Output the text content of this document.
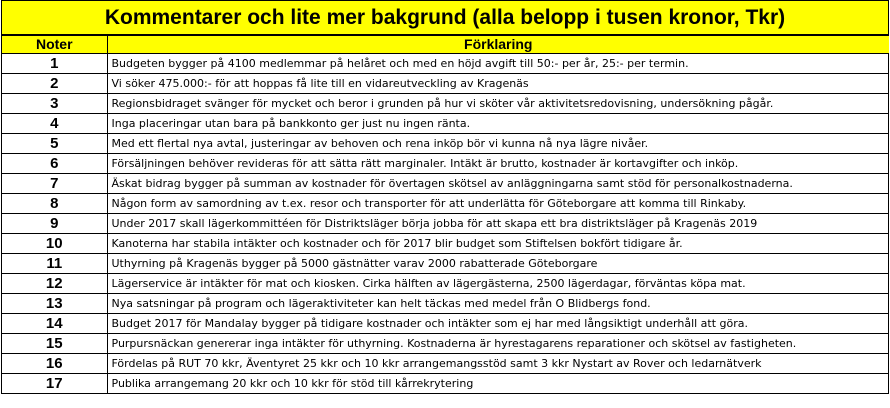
Kommentarer och lite mer bakgrund (alla belopp i tusen kronor, Tkr)
Noter	Förklaring
1	Budgeten bygger på 4100 medlemmar på helåret och med en höjd avgift till 50:- per år, 25:- per termin.
2	Vi söker 475.000:- för att hoppas få lite till en vidareutveckling av Kragenäs
3	Regionsbidraget svänger för mycket och beror i grunden på hur vi sköter vår aktivitetsredovisning, undersökning pågår.
4	Inga placeringar utan bara på bankkonto ger just nu ingen ränta.
5	Med ett flertal nya avtal, justeringar av behoven och rena inköp bör vi kunna nå nya lägre nivåer.
6	Försäljningen behöver revideras för att sätta rätt marginaler. Intäkt är brutto, kostnader är kortavgifter och inköp.
7	Äskat bidrag bygger på summan av kostnader för övertagen skötsel av anläggningarna samt stöd för personalkostnaderna.
8	Någon form av samordning av t.ex. resor och transporter för att underlätta för Göteborgare att komma till Rinkaby.
9	Under 2017 skall lägerkommittéen för Distriktsläger börja jobba för att skapa ett bra distriktsläger på Kragenäs 2019
10	Kanoterna har stabila intäkter och kostnader och för 2017 blir budget som Stiftelsen bokfört tidigare år.
11	Uthyrning på Kragenäs bygger på 5000 gästnätter varav 2000 rabatterade Göteborgare
12	Lägerservice är intäkter för mat och kiosken. Cirka hälften av lägergästerna, 2500 lägerdagar, förväntas köpa mat.
13	Nya satsningar på program och lägeraktiviteter kan helt täckas med medel från O Blidbergs fond.
14	Budget 2017 för Mandalay bygger på tidigare kostnader och intäkter som ej har med långsiktigt underhåll att göra.
15	Purpursnäckan genererar inga intäkter för uthyrning. Kostnaderna är hyrestagarens reparationer och skötsel av fastigheten.
16	Fördelas på RUT 70 kkr, Äventyret 25 kkr och 10 kkr arrangemangsstöd samt 3 kkr Nystart av Rover och ledarnätverk
17	Publika arrangemang 20 kkr och 10 kkr för stöd till kårrekrytering
